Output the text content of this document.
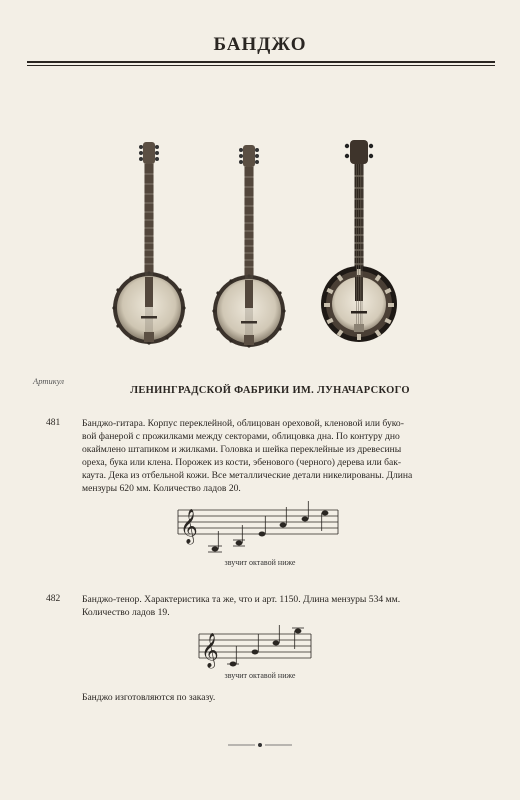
БАНДЖО
Артикул
ЛЕНИНГРАДСКОЙ ФАБРИКИ ИМ. ЛУНАЧАРСКОГО
481 Банджо-гитара. Корпус переклейной, облицован ореховой, кленовой или буко-
вой фанерой с прожилками между секторами, облицовка дна. По контуру дно
окаймлено штапиком и жилками. Головка и шейка переклейные из древесины
ореха, бука или клена. Порожек из кости, эбенового (черного) дерева или бак-
каута. Дека из отбельной кожи. Все металлические детали никелированы. Длина
мензуры 620 мм. Количество ладов 20.
𝄞
звучит октавой ниже
482 Банджо-тенор. Характеристика та же, что и арт. 1150. Длина мензуры 534 мм.
Количество ладов 19.
𝄞
звучит октавой ниже
Банджо изготовляются по заказу.
